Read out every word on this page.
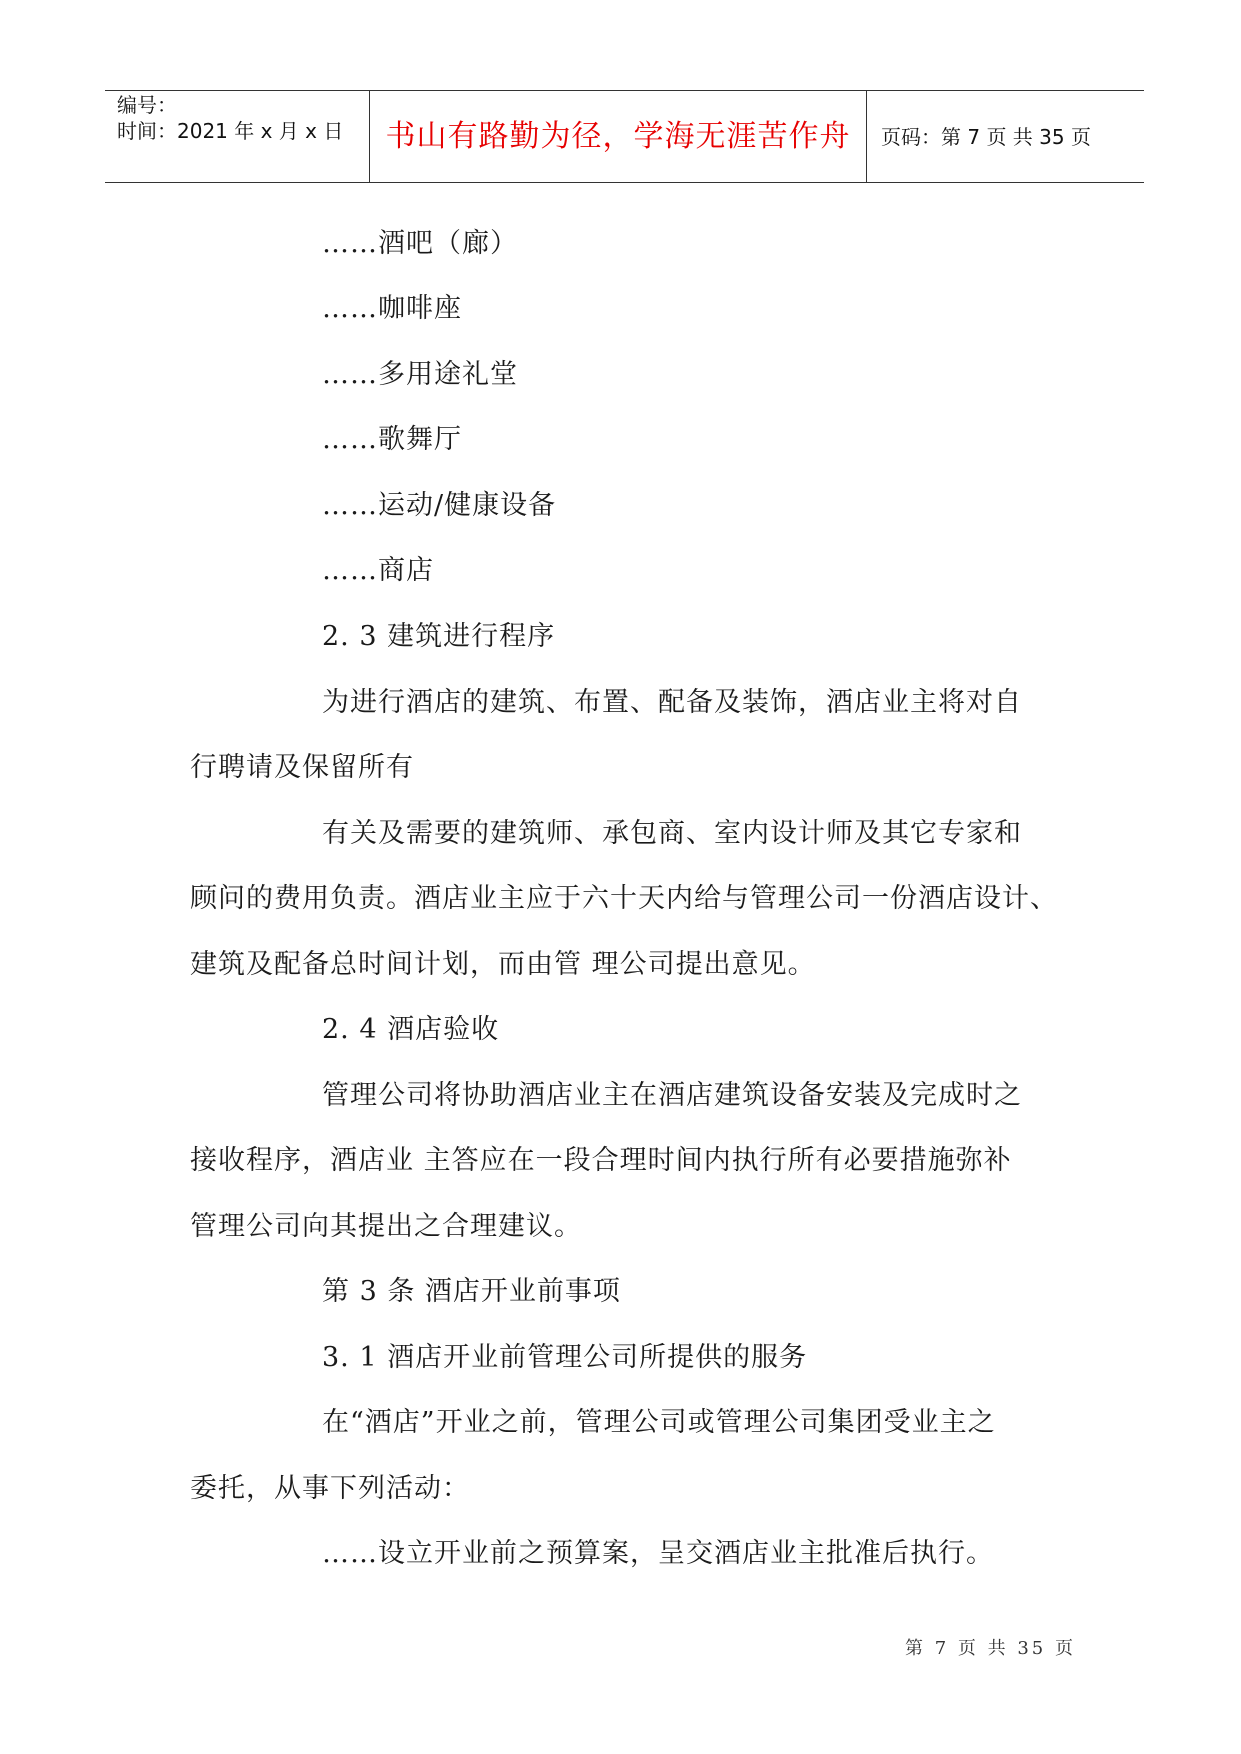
编号：
时间：2021 年 x 月 x 日	书山有路勤为径，学海无涯苦作舟	页码：第 7 页 共 35 页
……酒吧（廊）
……咖啡座
……多用途礼堂
……歌舞厅
……运动/健康设备
……商店
2. 3 建筑进行程序
为进行酒店的建筑、布置、配备及装饰，酒店业主将对自
行聘请及保留所有
有关及需要的建筑师、承包商、室内设计师及其它专家和
顾问的费用负责。酒店业主应于六十天内给与管理公司一份酒店设计、
建筑及配备总时间计划，而由管 理公司提出意见。
2. 4 酒店验收
管理公司将协助酒店业主在酒店建筑设备安装及完成时之
接收程序，酒店业 主答应在一段合理时间内执行所有必要措施弥补
管理公司向其提出之合理建议。
第 3 条 酒店开业前事项
3. 1 酒店开业前管理公司所提供的服务
在“酒店”开业之前，管理公司或管理公司集团受业主之
委托，从事下列活动：
……设立开业前之预算案，呈交酒店业主批准后执行。
第 7 页 共 35 页
